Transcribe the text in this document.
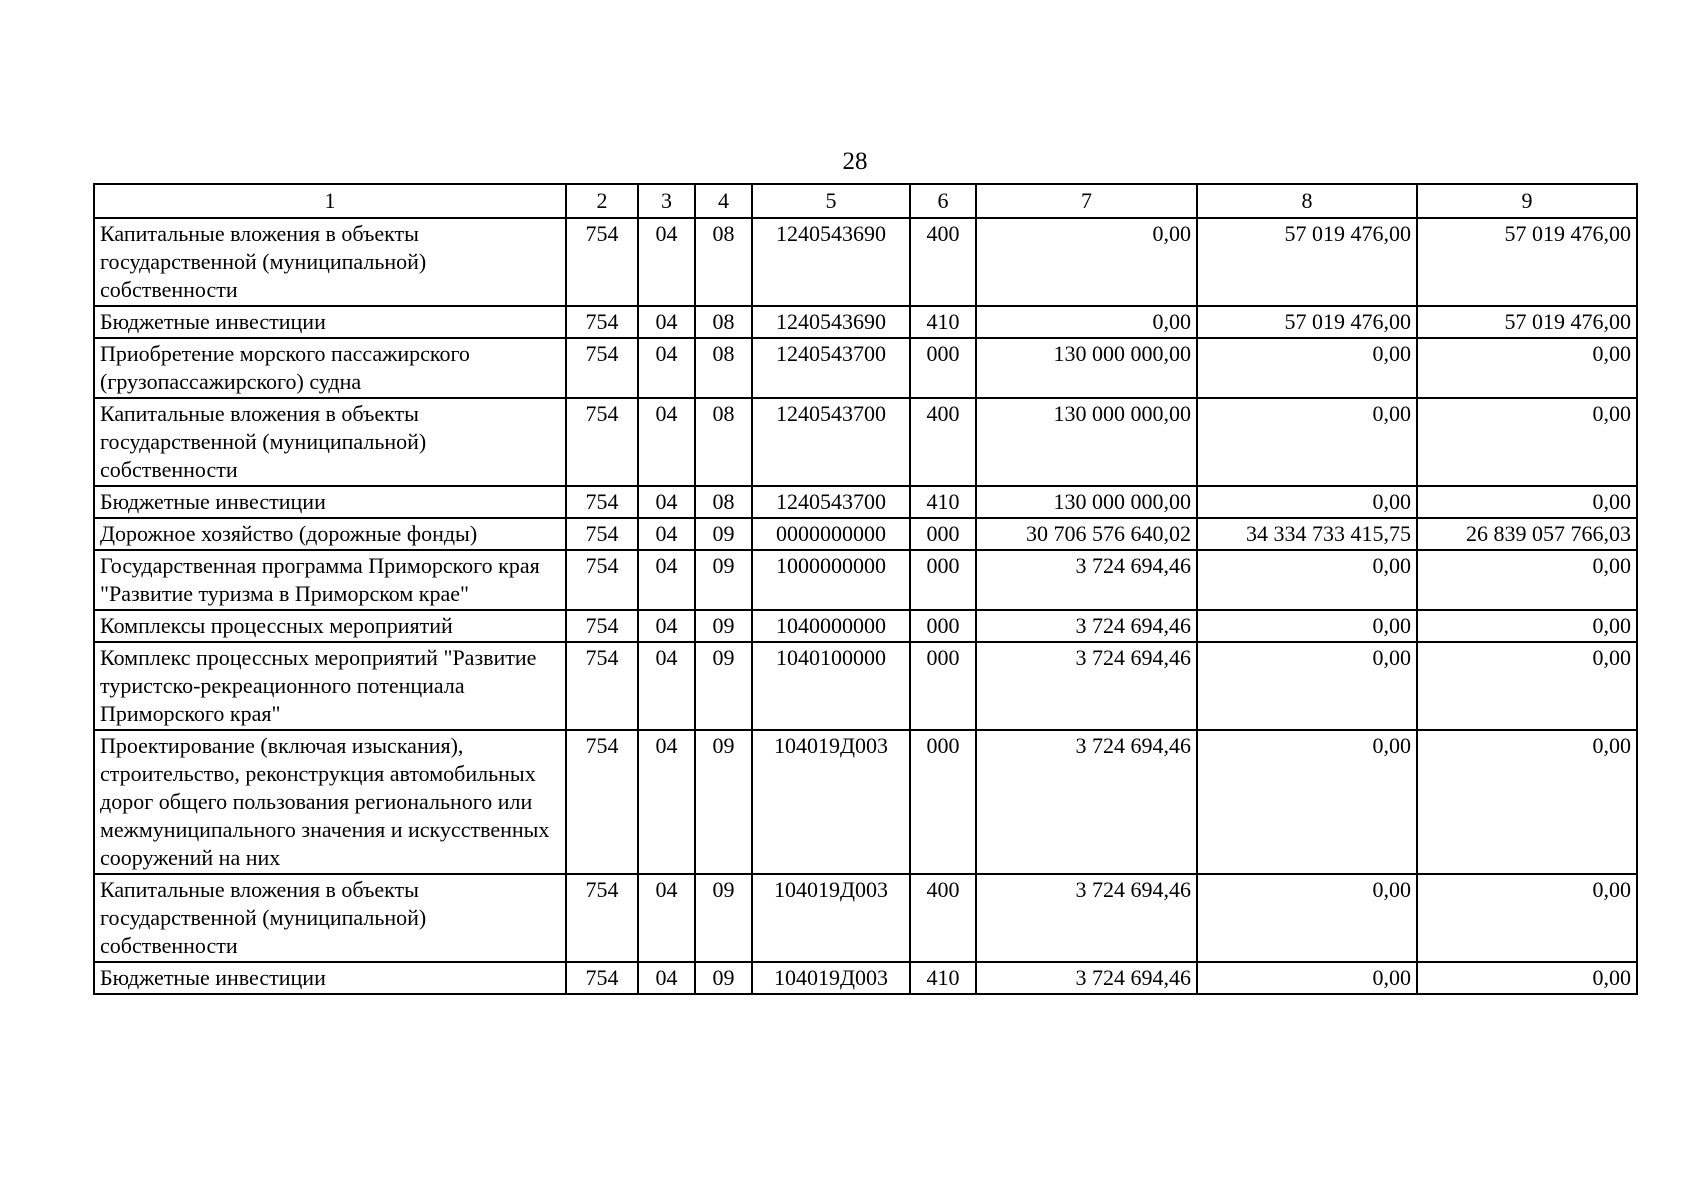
28
1	2	3	4	5	6	7	8	9
Капитальные вложения в объекты государственной (муниципальной) собственности	754	04	08	1240543690	400	0,00	57 019 476,00	57 019 476,00
Бюджетные инвестиции	754	04	08	1240543690	410	0,00	57 019 476,00	57 019 476,00
Приобретение морского пассажирского (грузопассажирского) судна	754	04	08	1240543700	000	130 000 000,00	0,00	0,00
Капитальные вложения в объекты государственной (муниципальной) собственности	754	04	08	1240543700	400	130 000 000,00	0,00	0,00
Бюджетные инвестиции	754	04	08	1240543700	410	130 000 000,00	0,00	0,00
Дорожное хозяйство (дорожные фонды)	754	04	09	0000000000	000	30 706 576 640,02	34 334 733 415,75	26 839 057 766,03
Государственная программа Приморского края "Развитие туризма в Приморском крае"	754	04	09	1000000000	000	3 724 694,46	0,00	0,00
Комплексы процессных мероприятий	754	04	09	1040000000	000	3 724 694,46	0,00	0,00
Комплекс процессных мероприятий "Развитие туристско-рекреационного потенциала Приморского края"	754	04	09	1040100000	000	3 724 694,46	0,00	0,00
Проектирование (включая изыскания), строительство, реконструкция автомобильных дорог общего пользования регионального или межмуниципального значения и искусственных сооружений на них	754	04	09	104019Д003	000	3 724 694,46	0,00	0,00
Капитальные вложения в объекты государственной (муниципальной) собственности	754	04	09	104019Д003	400	3 724 694,46	0,00	0,00
Бюджетные инвестиции	754	04	09	104019Д003	410	3 724 694,46	0,00	0,00
